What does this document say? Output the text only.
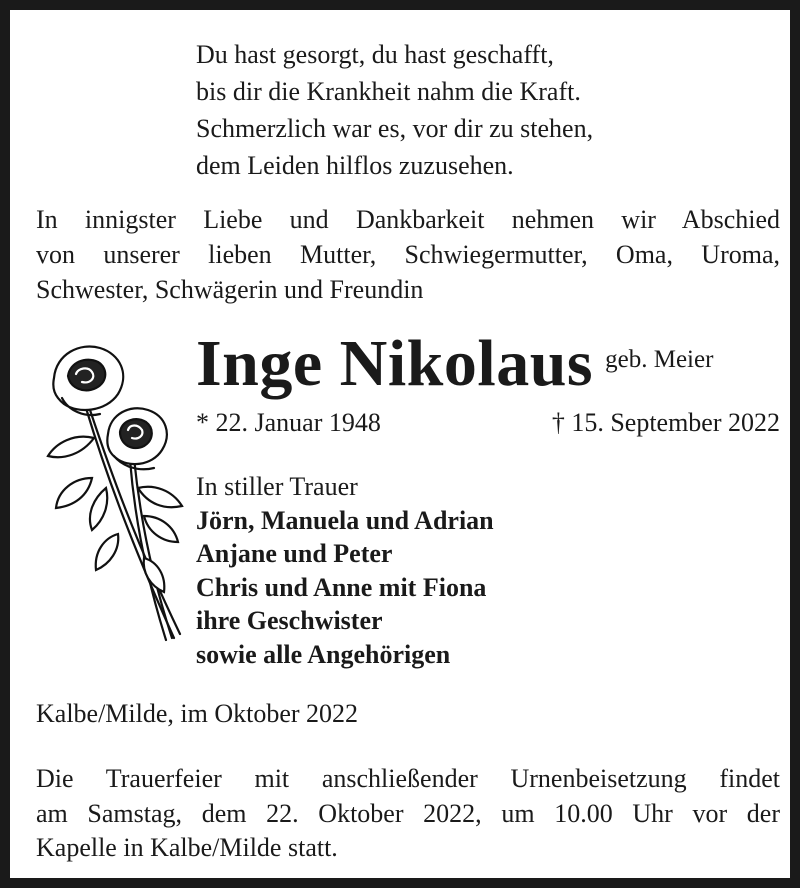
Du hast gesorgt, du hast geschafft,
bis dir die Krankheit nahm die Kraft.
Schmerzlich war es, vor dir zu stehen,
dem Leiden hilflos zuzusehen.
In innigster Liebe und Dankbarkeit nehmen wir Abschied
von unserer lieben Mutter, Schwiegermutter, Oma, Uroma,
Schwester, Schwägerin und Freundin
Inge Nikolaus geb. Meier
* 22. Januar 1948	† 15. September 2022
In stiller Trauer
Jörn, Manuela und Adrian
Anjane und Peter
Chris und Anne mit Fiona
ihre Geschwister
sowie alle Angehörigen
Kalbe/Milde, im Oktober 2022
Die Trauerfeier mit anschließender Urnenbeisetzung findet
am Samstag, dem 22. Oktober 2022, um 10.00 Uhr vor der
Kapelle in Kalbe/Milde statt.
